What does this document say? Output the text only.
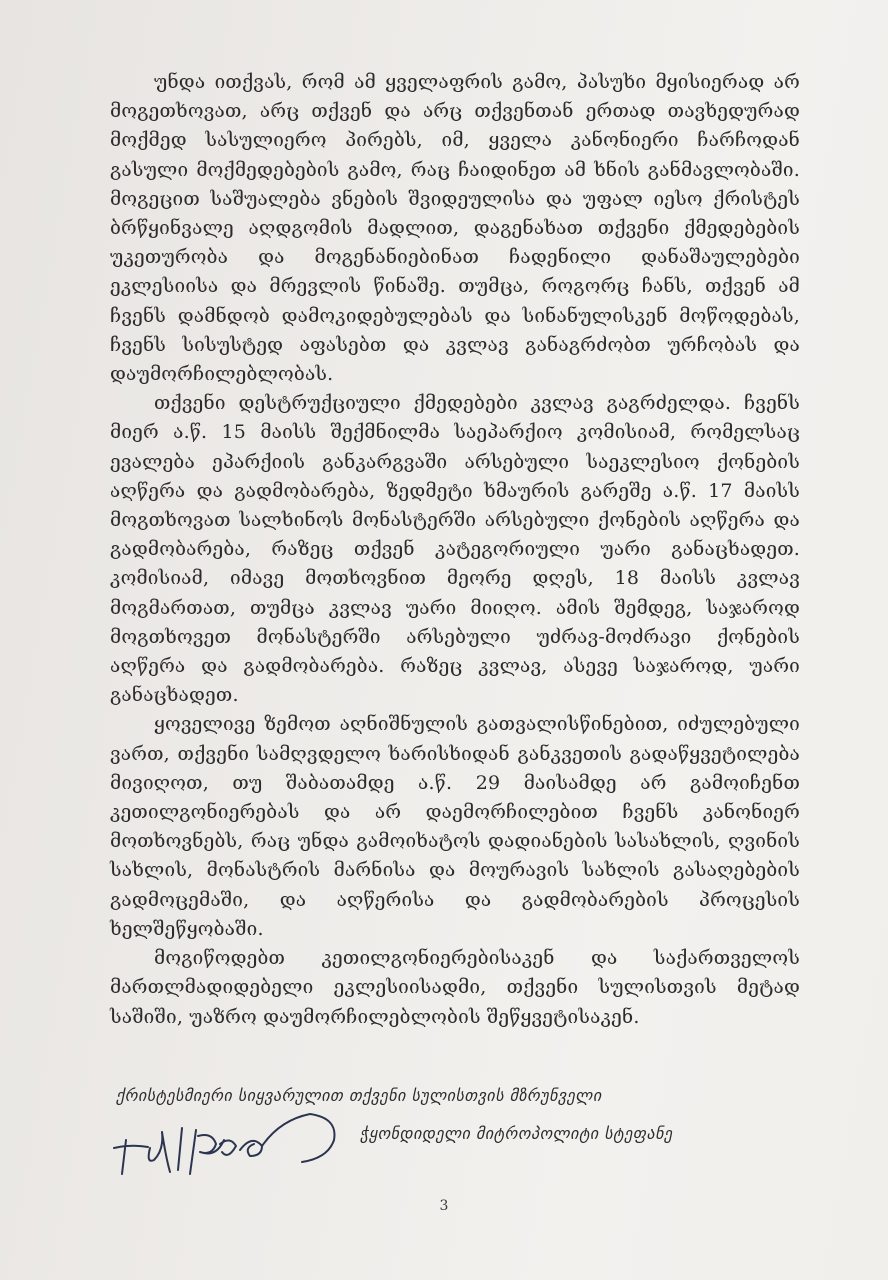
უნდა ითქვას, რომ ამ ყველაფრის გამო, პასუხი მყისიერად არ მოგეთხოვათ, არც თქვენ და არც თქვენთან ერთად თავხედურად მოქმედ სასულიერო პირებს, იმ, ყველა კანონიერი ჩარჩოდან გასული მოქმედებების გამო, რაც ჩაიდინეთ ამ ხნის განმავლობაში. მოგეცით საშუალება ვნების შვიდეულისა და უფალ იესო ქრისტეს ბრწყინვალე აღდგომის მადლით, დაგენახათ თქვენი ქმედებების უკეთურობა და მოგენანიებინათ ჩადენილი დანაშაულებები ეკლესიისა და მრევლის წინაშე. თუმცა, როგორც ჩანს, თქვენ ამ ჩვენს დამნდობ დამოკიდებულებას და სინანულისკენ მოწოდებას, ჩვენს სისუსტედ აფასებთ და კვლავ განაგრძობთ ურჩობას და დაუმორჩილებლობას.

თქვენი დესტრუქციული ქმედებები კვლავ გაგრძელდა. ჩვენს მიერ ა.წ. 15 მაისს შექმნილმა საეპარქიო კომისიამ, რომელსაც ევალება ეპარქიის განკარგვაში არსებული საეკლესიო ქონების აღწერა და გადმობარება, ზედმეტი ხმაურის გარეშე ა.წ. 17 მაისს მოგთხოვათ სალხინოს მონასტერში არსებული ქონების აღწერა და გადმობარება, რაზეც თქვენ კატეგორიული უარი განაცხადეთ. კომისიამ, იმავე მოთხოვნით მეორე დღეს, 18 მაისს კვლავ მოგმართათ, თუმცა კვლავ უარი მიიღო. ამის შემდეგ, საჯაროდ მოგთხოვეთ მონასტერში არსებული უძრავ-მოძრავი ქონების აღწერა და გადმობარება. რაზეც კვლავ, ასევე საჯაროდ, უარი განაცხადეთ.

ყოველივე ზემოთ აღნიშნულის გათვალისწინებით, იძულებული ვართ, თქვენი სამღვდელო ხარისხიდან განკვეთის გადაწყვეტილება მივიღოთ, თუ შაბათამდე ა.წ. 29 მაისამდე არ გამოიჩენთ კეთილგონიერებას და არ დაემორჩილებით ჩვენს კანონიერ მოთხოვნებს, რაც უნდა გამოიხატოს დადიანების სასახლის, ღვინის სახლის, მონასტრის მარნისა და მოურავის სახლის გასაღებების გადმოცემაში, და აღწერისა და გადმობარების პროცესის ხელშეწყობაში.

მოგიწოდებთ კეთილგონიერებისაკენ და საქართველოს მართლმადიდებელი ეკლესიისადმი, თქვენი სულისთვის მეტად საშიში, უაზრო დაუმორჩილებლობის შეწყვეტისაკენ.

ქრისტესმიერი სიყვარულით თქვენი სულისთვის მზრუნველი
ჭყონდიდელი მიტროპოლიტი სტეფანე
3
